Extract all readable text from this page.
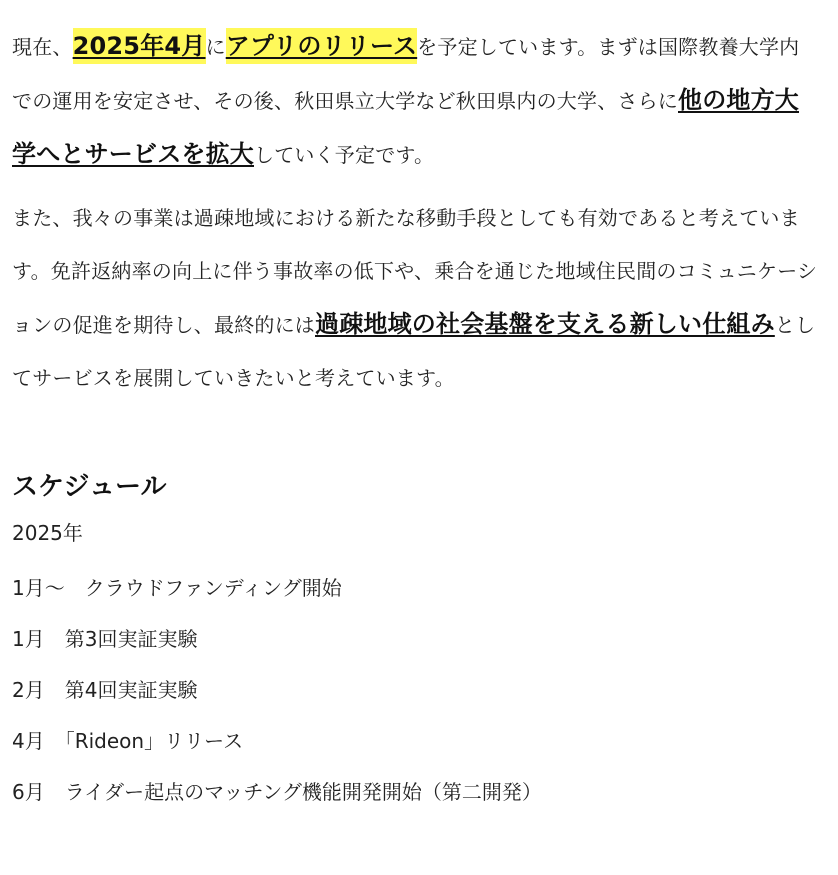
現在、2025年4月にアプリのリリースを予定しています。まずは国際教養大学内での運用を安定させ、その後、秋田県立大学など秋田県内の大学、さらに他の地方大学へとサービスを拡大していく予定です。

また、我々の事業は過疎地域における新たな移動手段としても有効であると考えています。免許返納率の向上に伴う事故率の低下や、乗合を通じた地域住民間のコミュニケーションの促進を期待し、最終的には過疎地域の社会基盤を支える新しい仕組みとしてサービスを展開していきたいと考えています。

スケジュール
2025年
1月〜　クラウドファンディング開始
1月　第3回実証実験
2月　第4回実証実験
4月　「Rideon」リリース
6月　ライダー起点のマッチング機能開発開始（第二開発）
